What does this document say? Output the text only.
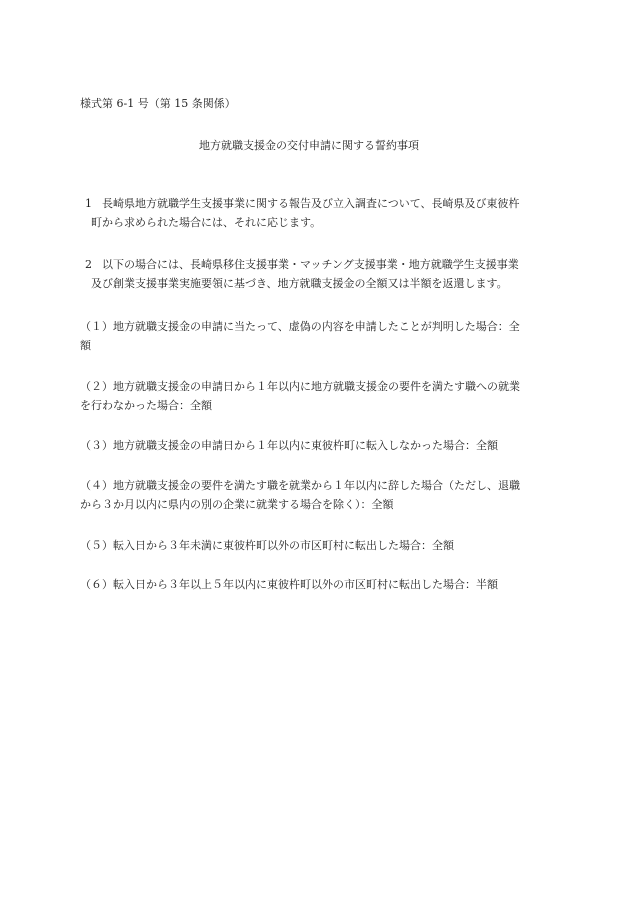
様式第 6-1 号（第 15 条関係）
地方就職支援金の交付申請に関する誓約事項
1 長崎県地方就職学生支援事業に関する報告及び立入調査について、長崎県及び東彼杵
町から求められた場合には、それに応じます。
2 以下の場合には、長崎県移住支援事業・マッチング支援事業・地方就職学生支援事業
及び創業支援事業実施要領に基づき、地方就職支援金の全額又は半額を返還します。
（１）地方就職支援金の申請に当たって、虚偽の内容を申請したことが判明した場合：全
額
（２）地方就職支援金の申請日から１年以内に地方就職支援金の要件を満たす職への就業
を行わなかった場合：全額
（３）地方就職支援金の申請日から１年以内に東彼杵町に転入しなかった場合：全額
（４）地方就職支援金の要件を満たす職を就業から１年以内に辞した場合（ただし、退職
から３か月以内に県内の別の企業に就業する場合を除く）：全額
（５）転入日から３年未満に東彼杵町以外の市区町村に転出した場合：全額
（６）転入日から３年以上５年以内に東彼杵町以外の市区町村に転出した場合：半額
